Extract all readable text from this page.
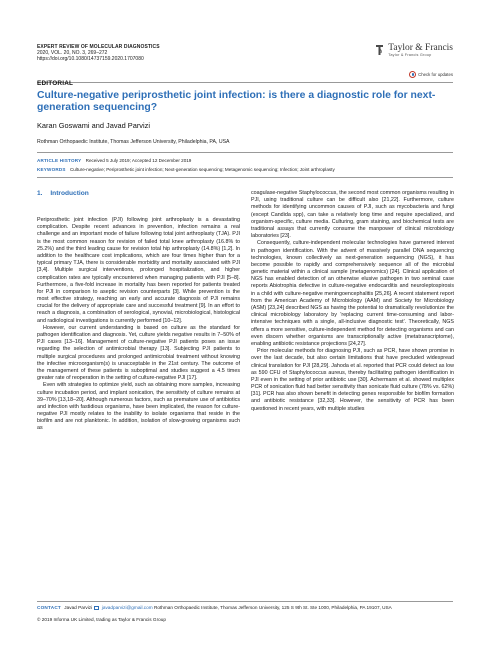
EXPERT REVIEW OF MOLECULAR DIAGNOSTICS
2020, VOL. 20, NO. 3, 269–272
https://doi.org/10.1080/14737159.2020.1707080
Taylor & Francis
Taylor & Francis Group
EDITORIAL
Check for updates
Culture-negative periprosthetic joint infection: is there a diagnostic role for next-generation sequencing?
Karan Goswami and Javad Parvizi
Rothman Orthopaedic Institute, Thomas Jefferson University, Philadelphia, PA, USA
ARTICLE HISTORY Received 5 July 2019; Accepted 12 December 2019
KEYWORDS Culture-negative; Periprosthetic joint infection; Next-generation sequencing; Metagenomic sequencing; Infection; Joint arthroplasty
1. Introduction

Periprosthetic joint infection (PJI) following joint arthroplasty is a devastating complication. Despite recent advances in prevention, infection remains a real challenge and an important mode of failure following total joint arthroplasty (TJA). PJI is the most common reason for revision of failed total knee arthroplasty (16.8% to 25.2%) and the third leading cause for revision total hip arthroplasty (14.8%) [1,2]. In addition to the healthcare cost implications, which are four times higher than for a typical primary TJA, there is considerable morbidity and mortality associated with PJI [3,4]. Multiple surgical interventions, prolonged hospitalization, and higher complication rates are typically encountered when managing patients with PJI [5–8]. Furthermore, a five-fold increase in mortality has been reported for patients treated for PJI in comparison to aseptic revision counterparts [3]. While prevention is the most effective strategy, reaching an early and accurate diagnosis of PJI remains crucial for the delivery of appropriate care and successful treatment [9]. In an effort to reach a diagnosis, a combination of serological, synovial, microbiological, histological and radiological investigations is currently performed [10–12].

However, our current understanding is based on culture as the standard for pathogen identification and diagnosis. Yet, culture yields negative results in 7–50% of PJI cases [13–16]. Management of culture-negative PJI patients poses an issue regarding the selection of antimicrobial therapy [13]. Subjecting PJI patients to multiple surgical procedures and prolonged antimicrobial treatment without knowing the infective microorganism(s) is unacceptable in the 21st century. The outcome of the management of these patients is suboptimal and studies suggest a 4.5 times greater rate of reoperation in the setting of culture-negative PJI [17].

Even with strategies to optimize yield, such as obtaining more samples, increasing culture incubation period, and implant sonication, the sensitivity of culture remains at 39–70% [13,18–20]. Although numerous factors, such as premature use of antibiotics and infection with fastidious organisms, have been implicated, the reason for culture-negative PJI mostly relates to the inability to isolate organisms that reside in the biofilm and are not planktonic. In addition, isolation of slow-growing organisms such as

coagulase-negative Staphylococcus, the second most common organisms resulting in PJI, using traditional culture can be difficult also [21,22]. Furthermore, culture methods for identifying uncommon causes of PJI, such as mycobacteria and fungi (except Candida spp), can take a relatively long time and require specialized, and organism-specific, culture media. Culturing, gram staining, and biochemical tests are traditional assays that currently consume the manpower of clinical microbiology laboratories [23].

Consequently, culture-independent molecular technologies have garnered interest in pathogen identification. With the advent of massively parallel DNA sequencing technologies, known collectively as next-generation sequencing (NGS), it has become possible to rapidly and comprehensively sequence all of the microbial genetic material within a clinical sample (metagenomics) [24]. Clinical application of NGS has enabled detection of an otherwise elusive pathogen in two seminal case reports Abiotrophia defective in culture-negative endocarditis and neuroleptospirosis in a child with culture-negative meningoencephalitis [25,26]. A recent statement report from the American Academy of Microbiology (AAM) and Society for Microbiology (ASM) [23,24] described NGS as having the potential to dramatically revolutionize the clinical microbiology laboratory by 'replacing current time-consuming and labor-intensive techniques with a single, all-inclusive diagnostic test'. Theoretically, NGS offers a more sensitive, culture-independent method for detecting organisms and can even discern whether organisms are transcriptionally active (metatranscriptome), enabling antibiotic resistance projections [24,27].

Prior molecular methods for diagnosing PJI, such as PCR, have shown promise in over the last decade, but also certain limitations that have precluded widespread clinical translation for PJI [28,29]. Jahoda et al. reported that PCR could detect as low as 590 CFU of Staphylococcus aureus, thereby facilitating pathogen identification in PJI even in the setting of prior antibiotic use [30]. Achermann et al. showed multiplex PCR of sonication fluid had better sensitivity than sonicate fluid culture (78% vs. 62%) [31]. PCR has also shown benefit in detecting genes responsible for biofilm formation and antibiotic resistance [32,33]. However, the sensitivity of PCR has been questioned in recent years, with multiple studies

CONTACT Javad Parvizi javadparvizi@gmail.com Rothman Orthopaedic Institute, Thomas Jefferson University, 125 S 9th St. Ste 1000, Philadelphia, PA 19107, USA
© 2019 Informa UK Limited, trading as Taylor & Francis Group
